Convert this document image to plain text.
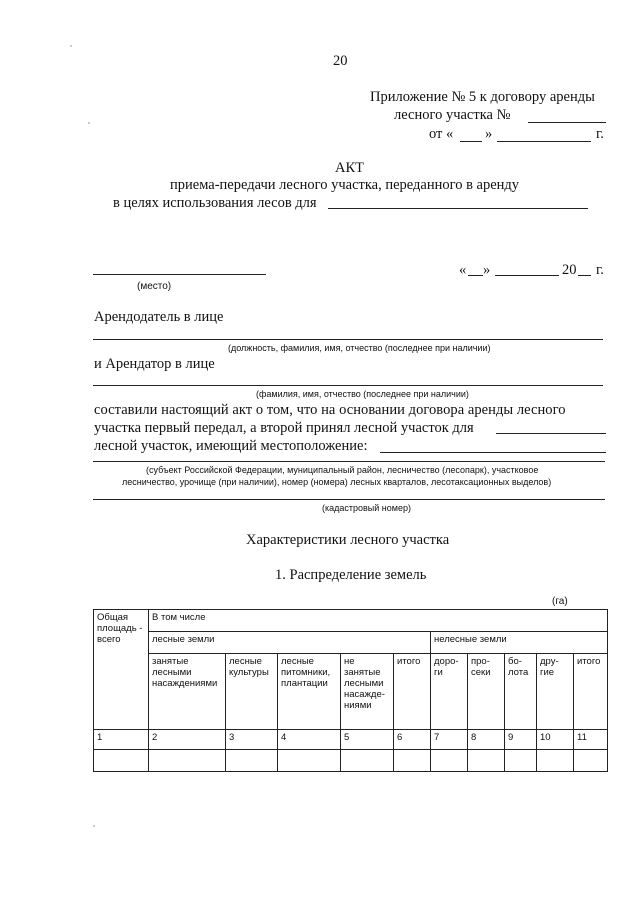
20
Приложение № 5 к договору аренды
лесного участка №
от « »	г.
АКТ
приема-передачи лесного участка, переданного в аренду
в целях использования лесов для
(место)
« »	20 г.
Арендодатель в лице
(должность, фамилия, имя, отчество (последнее при наличии)
и Арендатор в лице
(фамилия, имя, отчество (последнее при наличии)
составили настоящий акт о том, что на основании договора аренды лесного
участка первый передал, а второй принял лесной участок для
лесной участок, имеющий местоположение:
(субъект Российской Федерации, муниципальный район, лесничество (лесопарк), участковое
лесничество, урочище (при наличии), номер (номера) лесных кварталов, лесотаксационных выделов)
(кадастровый номер)
Характеристики лесного участка
1. Распределение земель
(га)
Общая площадь - всего	В том числе									
	лесные земли					нелесные земли				
	занятые лесными насаждениями	лесные культуры	лесные питомники, плантации	не занятые лесными насажде-ниями	итого	доро-ги	про-секи	бо-лота	дру-гие	итого
1	2	3	4	5	6	7	8	9	10	11
